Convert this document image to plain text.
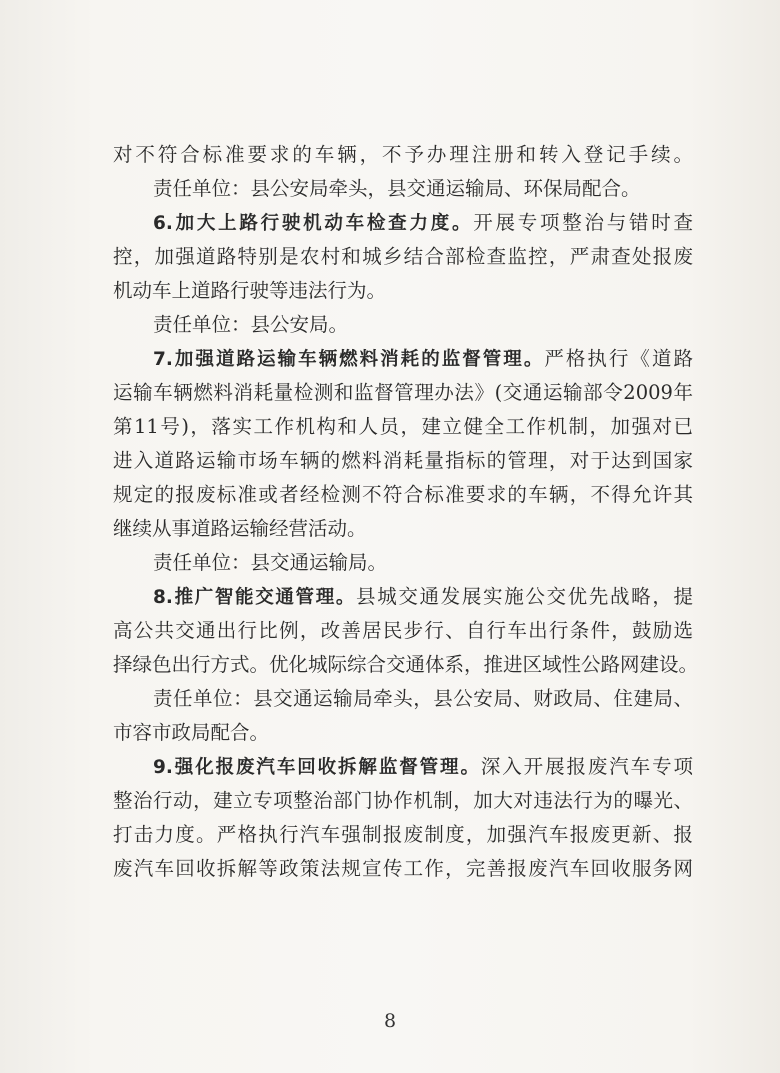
对不符合标准要求的车辆，不予办理注册和转入登记手续。
责任单位：县公安局牵头，县交通运输局、环保局配合。
6.加大上路行驶机动车检查力度。开展专项整治与错时查
控，加强道路特别是农村和城乡结合部检查监控，严肃查处报废
机动车上道路行驶等违法行为。
责任单位：县公安局。
7.加强道路运输车辆燃料消耗的监督管理。严格执行《道路
运输车辆燃料消耗量检测和监督管理办法》(交通运输部令2009年
第11号)，落实工作机构和人员，建立健全工作机制，加强对已
进入道路运输市场车辆的燃料消耗量指标的管理，对于达到国家
规定的报废标准或者经检测不符合标准要求的车辆，不得允许其
继续从事道路运输经营活动。
责任单位：县交通运输局。
8.推广智能交通管理。县城交通发展实施公交优先战略，提
高公共交通出行比例，改善居民步行、自行车出行条件，鼓励选
择绿色出行方式。优化城际综合交通体系，推进区域性公路网建设。
责任单位：县交通运输局牵头，县公安局、财政局、住建局、
市容市政局配合。
9.强化报废汽车回收拆解监督管理。深入开展报废汽车专项
整治行动，建立专项整治部门协作机制，加大对违法行为的曝光、
打击力度。严格执行汽车强制报废制度，加强汽车报废更新、报
废汽车回收拆解等政策法规宣传工作，完善报废汽车回收服务网
8
